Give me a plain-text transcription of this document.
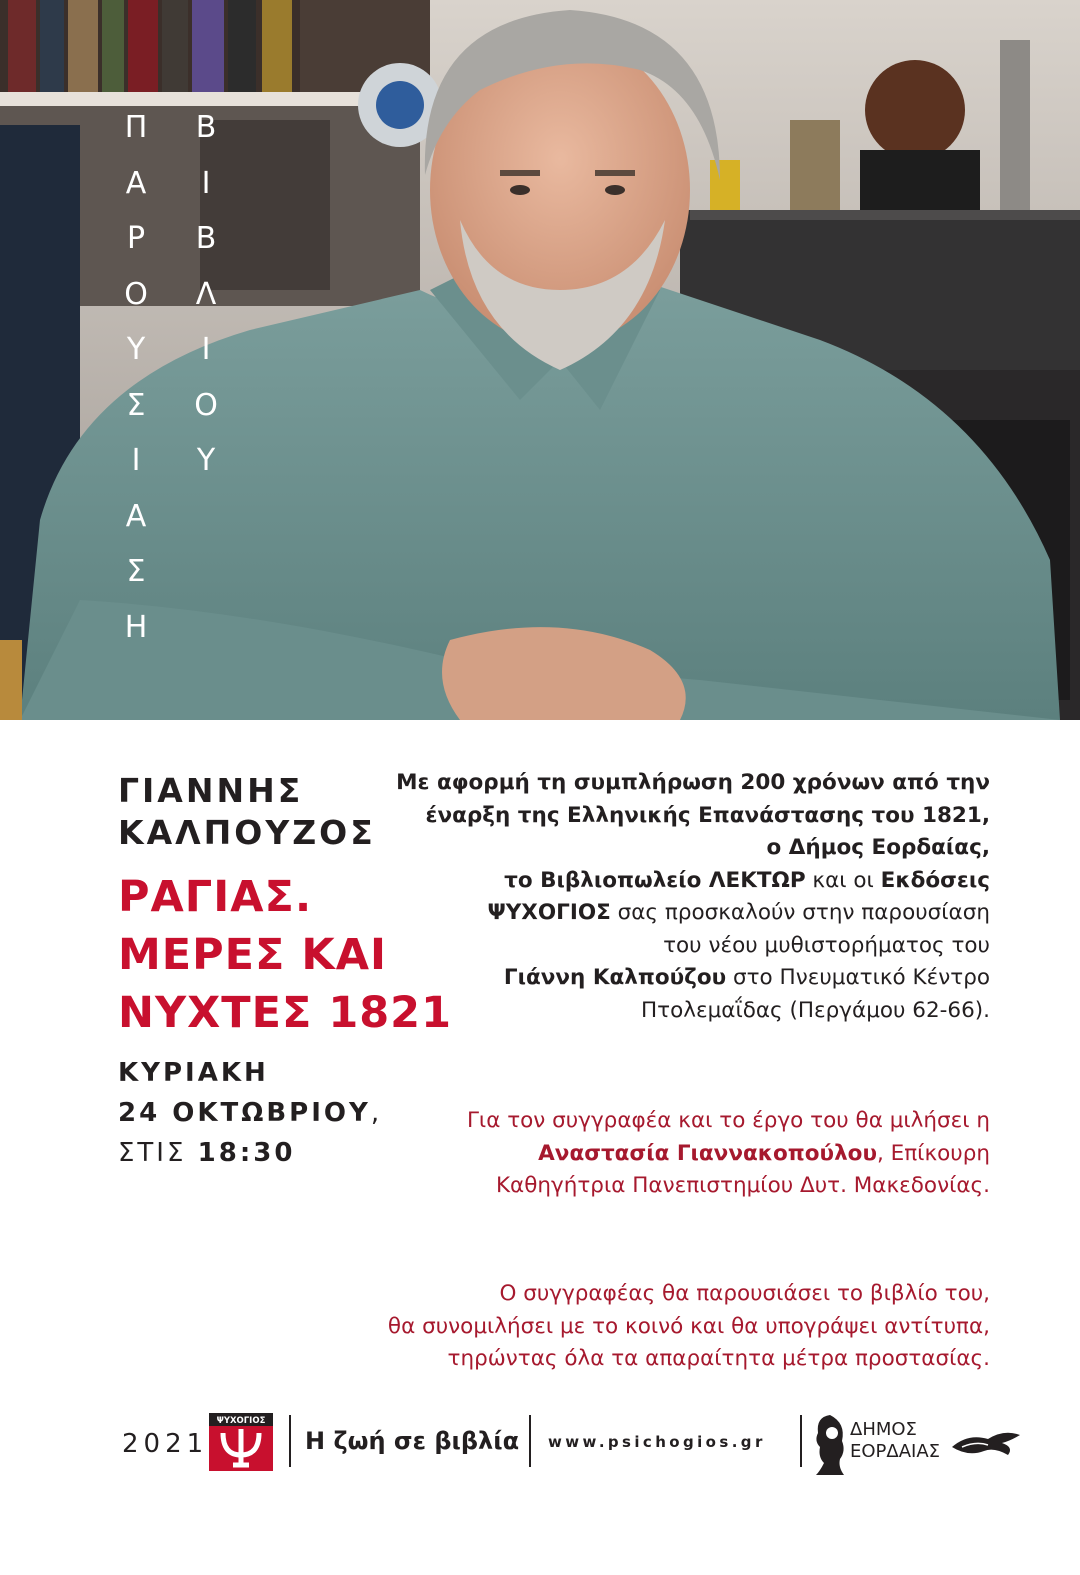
Π
Α
Ρ
Ο
Υ
Σ
Ι
Α
Σ
Η
Β
Ι
Β
Λ
Ι
Ο
Υ
ΓΙΑΝΝΗΣ
ΚΑΛΠΟΥΖΟΣ
ΡΑΓΙΑΣ.
ΜΕΡΕΣ ΚΑΙ
ΝΥΧΤΕΣ 1821
ΚΥΡΙΑΚΗ
24 ΟΚΤΩΒΡΙΟΥ,
ΣΤΙΣ 18:30
Με αφορμή τη συμπλήρωση 200 χρόνων από την
έναρξη της Ελληνικής Επανάστασης του 1821,
ο Δήμος Εορδαίας,
το Βιβλιοπωλείο ΛΕΚΤΩΡ και οι Εκδόσεις
ΨΥΧΟΓΙΟΣ σας προσκαλούν στην παρουσίαση
του νέου μυθιστορήματος του
Γιάννη Καλπούζου στο Πνευματικό Κέντρο
Πτολεμαΐδας (Περγάμου 62-66).
Για τον συγγραφέα και το έργο του θα μιλήσει η
Αναστασία Γιαννακοπούλου, Επίκουρη
Καθηγήτρια Πανεπιστημίου Δυτ. Μακεδονίας.
Ο συγγραφέας θα παρουσιάσει το βιβλίο του,
θα συνομιλήσει με το κοινό και θα υπογράψει αντίτυπα,
τηρώντας όλα τα απαραίτητα μέτρα προστασίας.
2021
ΨΥΧΟΓΙΟΣ
Η ζωή σε βιβλία www.psichogios.gr
ΔΗΜΟΣ
ΕΟΡΔΑΙΑΣ
